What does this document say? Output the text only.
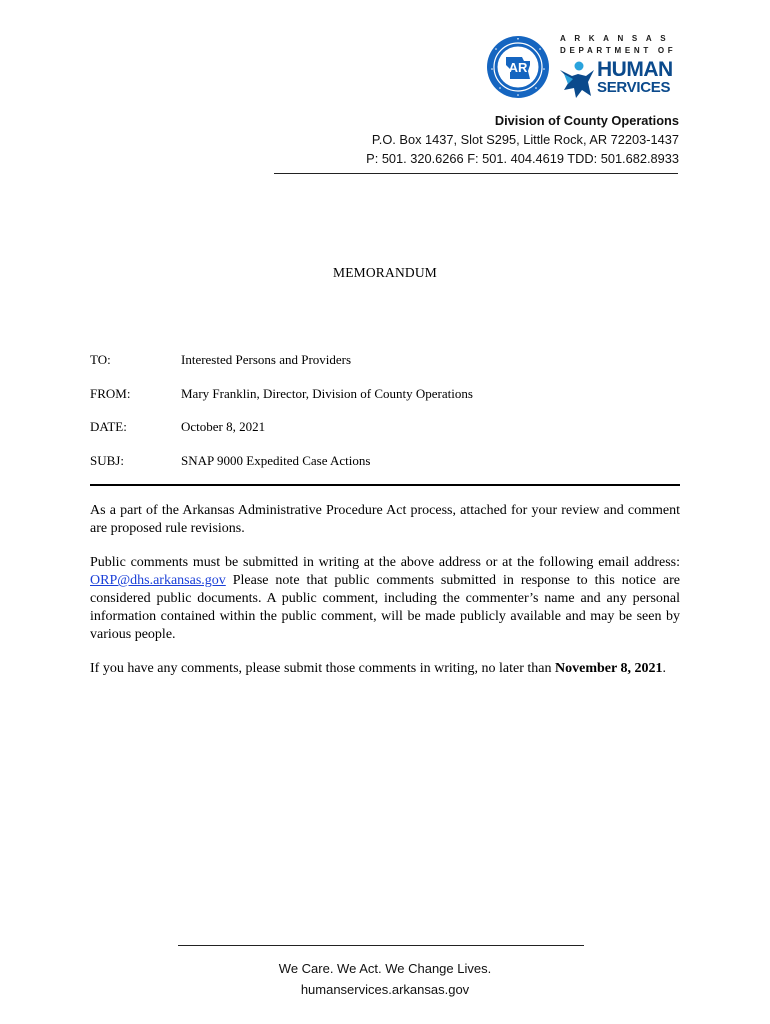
AR
ARKANSAS
DEPARTMENT OF
HUMAN
SERVICES
Division of County Operations
P.O. Box 1437, Slot S295, Little Rock, AR 72203-1437
P: 501. 320.6266 F: 501. 404.4619 TDD: 501.682.8933
MEMORANDUM
TO:	Interested Persons and Providers
FROM:	Mary Franklin, Director, Division of County Operations
DATE:	October 8, 2021
SUBJ:	SNAP 9000 Expedited Case Actions

As a part of the Arkansas Administrative Procedure Act process, attached for your review and comment are proposed rule revisions.

Public comments must be submitted in writing at the above address or at the following email address: ORP@dhs.arkansas.gov Please note that public comments submitted in response to this notice are considered public documents. A public comment, including the commenter’s name and any personal information contained within the public comment, will be made publicly available and may be seen by various people.

If you have any comments, please submit those comments in writing, no later than November 8, 2021.

We Care. We Act. We Change Lives.
humanservices.arkansas.gov
